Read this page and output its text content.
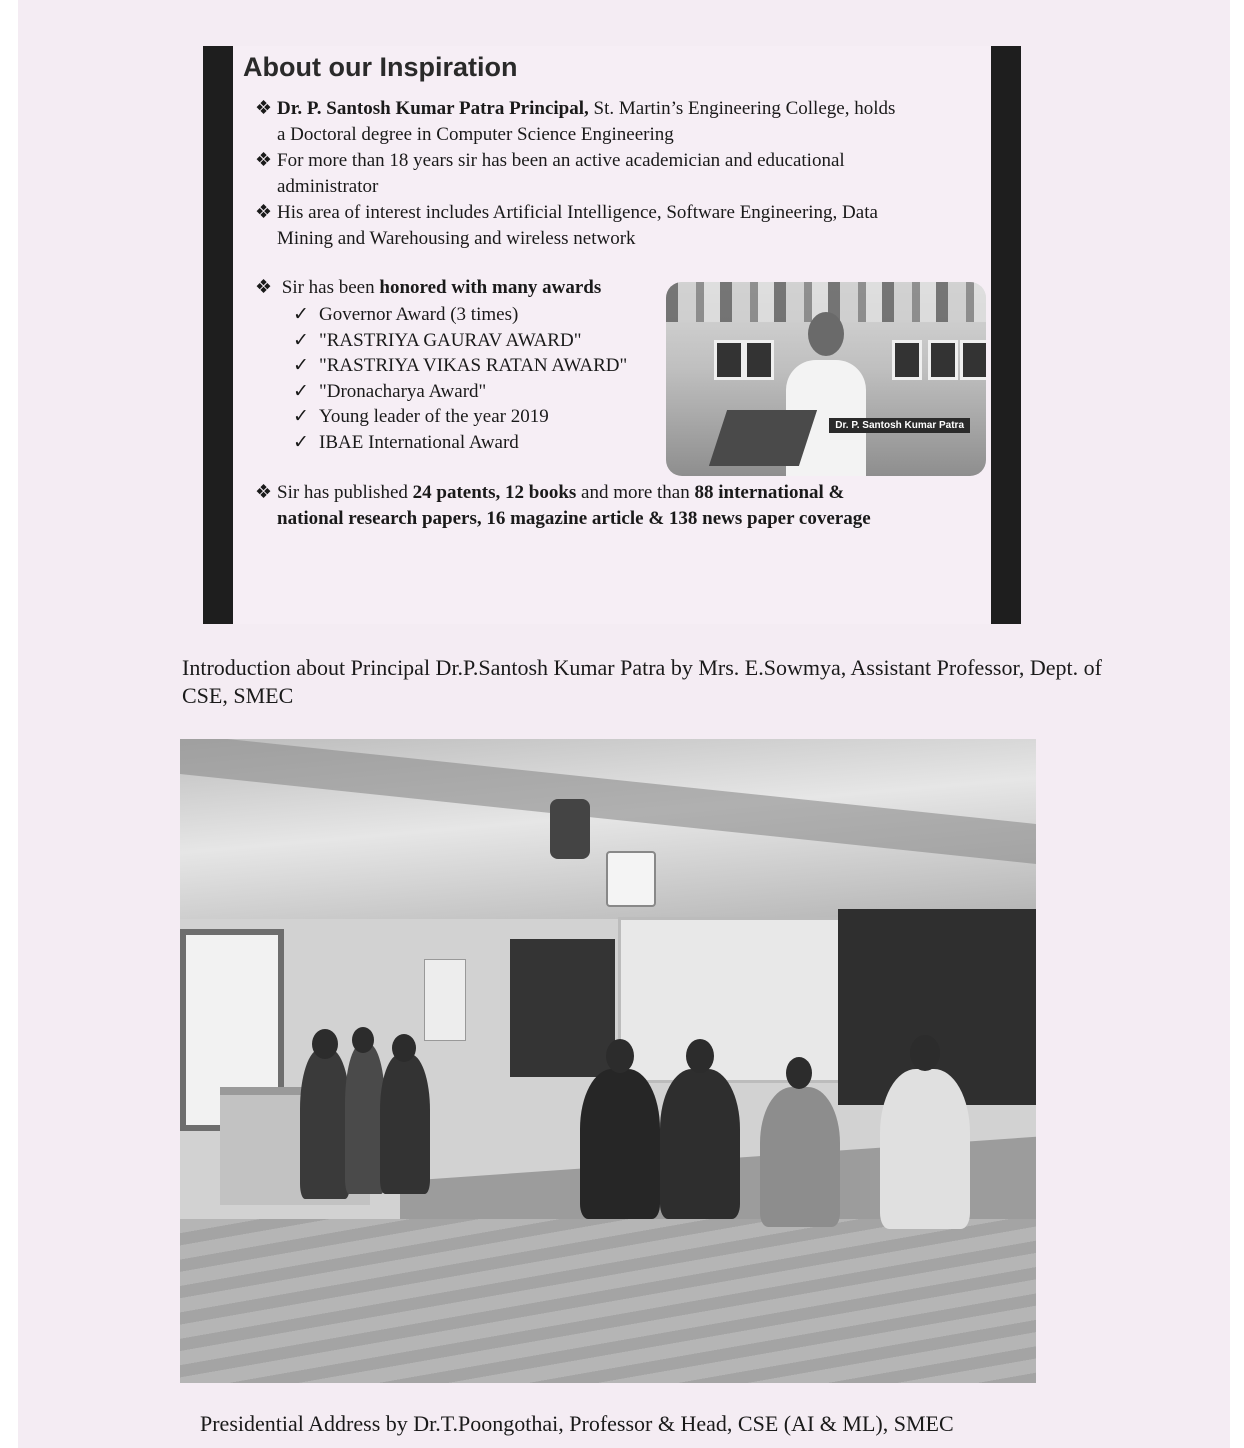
About our Inspiration
❖ Dr. P. Santosh Kumar Patra Principal, St. Martin’s Engineering College, holds
a Doctoral degree in Computer Science Engineering
❖ For more than 18 years sir has been an active academician and educational
administrator
❖ His area of interest includes Artificial Intelligence, Software Engineering, Data
Mining and Warehousing and wireless network
❖ Sir has been honored with many awards
✓ Governor Award (3 times)
✓ "RASTRIYA GAURAV AWARD"
✓ "RASTRIYA VIKAS RATAN AWARD"
✓ "Dronacharya Award"
✓ Young leader of the year 2019
✓ IBAE International Award
Dr. P. Santosh Kumar Patra
❖ Sir has published 24 patents, 12 books and more than 88 international &
national research papers, 16 magazine article & 138 news paper coverage
Introduction about Principal Dr.P.Santosh Kumar Patra by Mrs. E.Sowmya, Assistant Professor, Dept. of CSE, SMEC
Presidential Address by Dr.T.Poongothai, Professor & Head, CSE (AI & ML), SMEC
